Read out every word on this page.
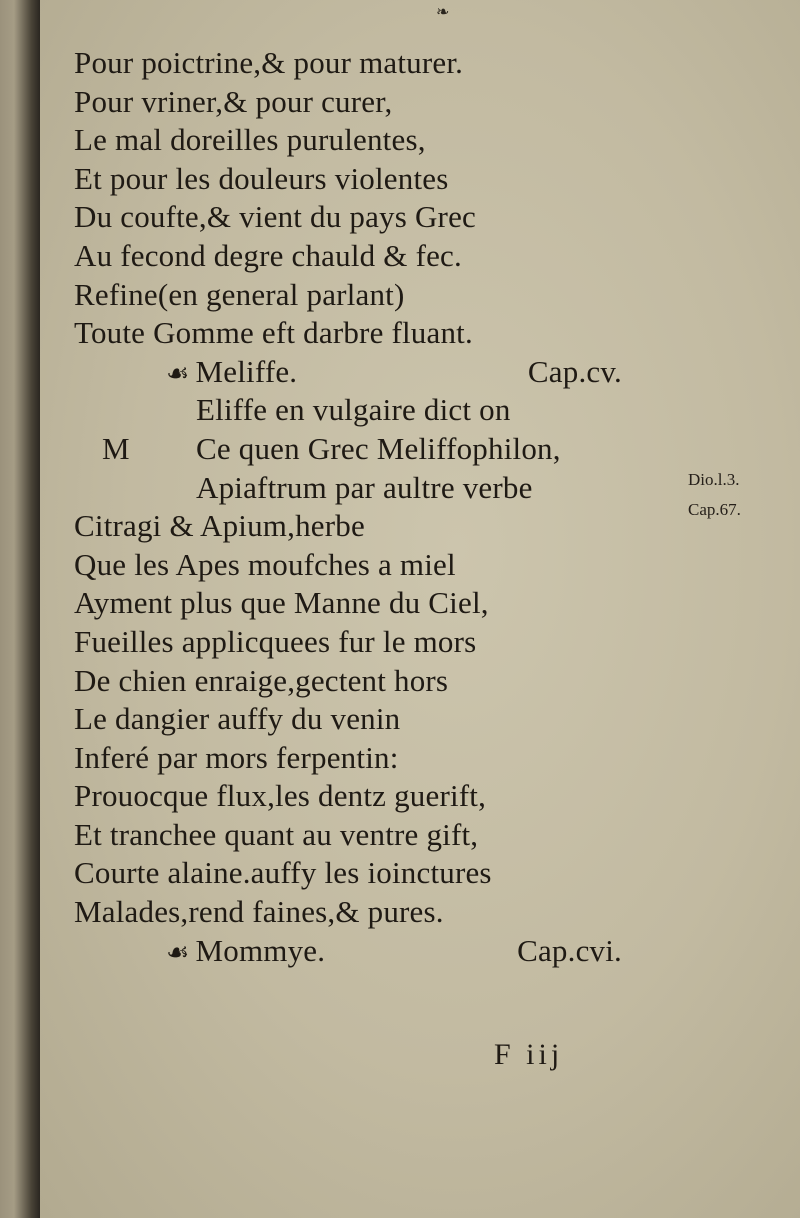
❧
Pour poictrine,& pour maturer.
Pour vriner,& pour curer,
Le mal doreilles purulentes,
Et pour les douleurs violentes
Du coufte,& vient du pays Grec
Au fecond degre chauld & fec.
Refine(en general parlant)
Toute Gomme eft darbre fluant.
☙ Meliffe.	Cap.cv.
Eliffe en vulgaire dict on
M	Ce quen Grec Meliffophilon,
Apiaftrum par aultre verbe
Citragi & Apium,herbe
Que les Apes moufches a miel
Ayment plus que Manne du Ciel,
Fueilles applicquees fur le mors
De chien enraige,gectent hors
Le dangier auffy du venin
Inferé par mors ferpentin:
Prouocque flux,les dentz guerift,
Et tranchee quant au ventre gift,
Courte alaine.auffy les ioinctures
Malades,rend faines,& pures.
☙ Mommye.	Cap.cvi.
Dio.l.3.
Cap.67.
F iij
